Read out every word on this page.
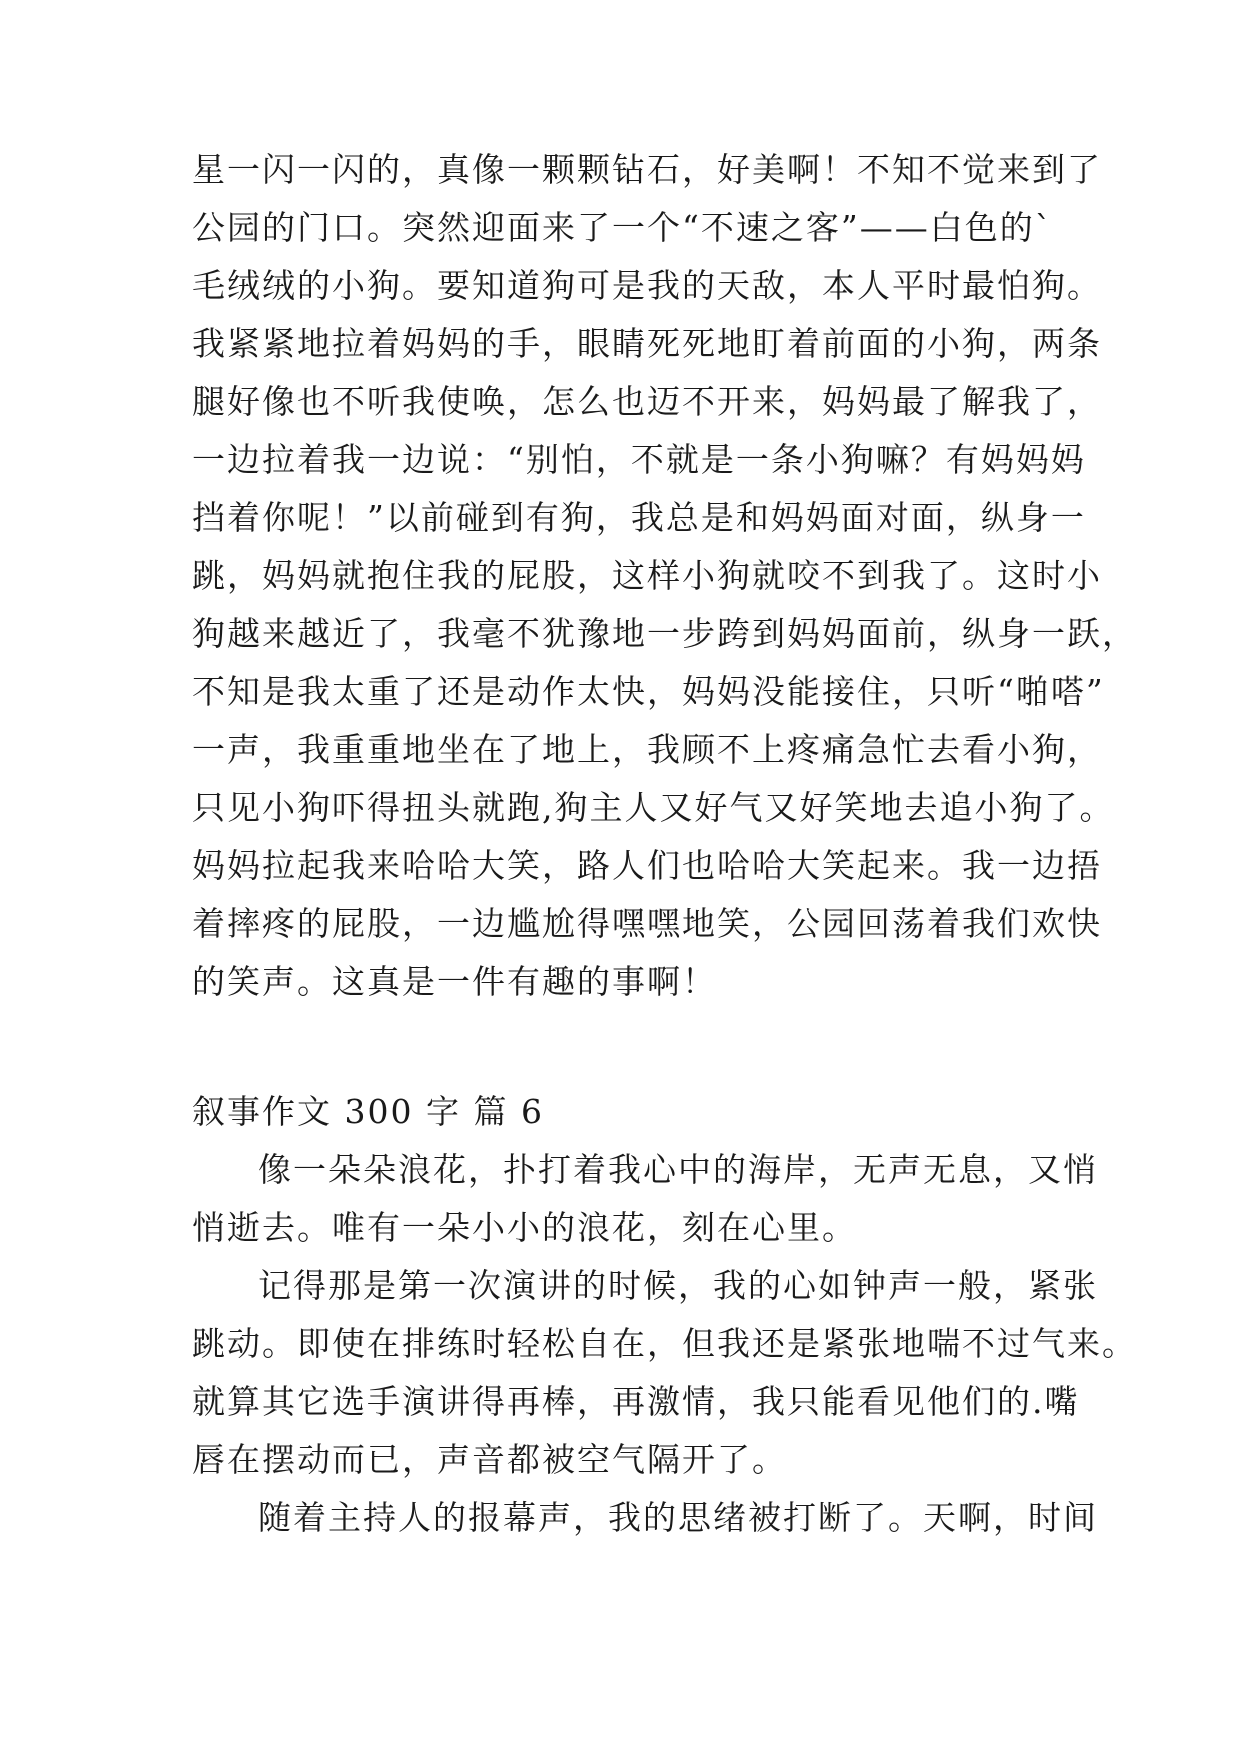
星一闪一闪的，真像一颗颗钻石，好美啊！不知不觉来到了
公园的门口。突然迎面来了一个“不速之客”——白色的`
毛绒绒的小狗。要知道狗可是我的天敌，本人平时最怕狗。
我紧紧地拉着妈妈的手，眼睛死死地盯着前面的小狗，两条
腿好像也不听我使唤，怎么也迈不开来，妈妈最了解我了，
一边拉着我一边说：“别怕，不就是一条小狗嘛？有妈妈妈
挡着你呢！”以前碰到有狗，我总是和妈妈面对面，纵身一
跳，妈妈就抱住我的屁股，这样小狗就咬不到我了。这时小
狗越来越近了，我毫不犹豫地一步跨到妈妈面前，纵身一跃，
不知是我太重了还是动作太快，妈妈没能接住，只听“啪嗒”
一声，我重重地坐在了地上，我顾不上疼痛急忙去看小狗，
只见小狗吓得扭头就跑,狗主人又好气又好笑地去追小狗了。
妈妈拉起我来哈哈大笑，路人们也哈哈大笑起来。我一边捂
着摔疼的屁股，一边尴尬得嘿嘿地笑，公园回荡着我们欢快
的笑声。这真是一件有趣的事啊！
叙事作文 300 字 篇 6
像一朵朵浪花，扑打着我心中的海岸，无声无息，又悄
悄逝去。唯有一朵小小的浪花，刻在心里。
记得那是第一次演讲的时候，我的心如钟声一般，紧张
跳动。即使在排练时轻松自在，但我还是紧张地喘不过气来。
就算其它选手演讲得再棒，再激情，我只能看见他们的.嘴
唇在摆动而已，声音都被空气隔开了。
随着主持人的报幕声，我的思绪被打断了。天啊，时间
